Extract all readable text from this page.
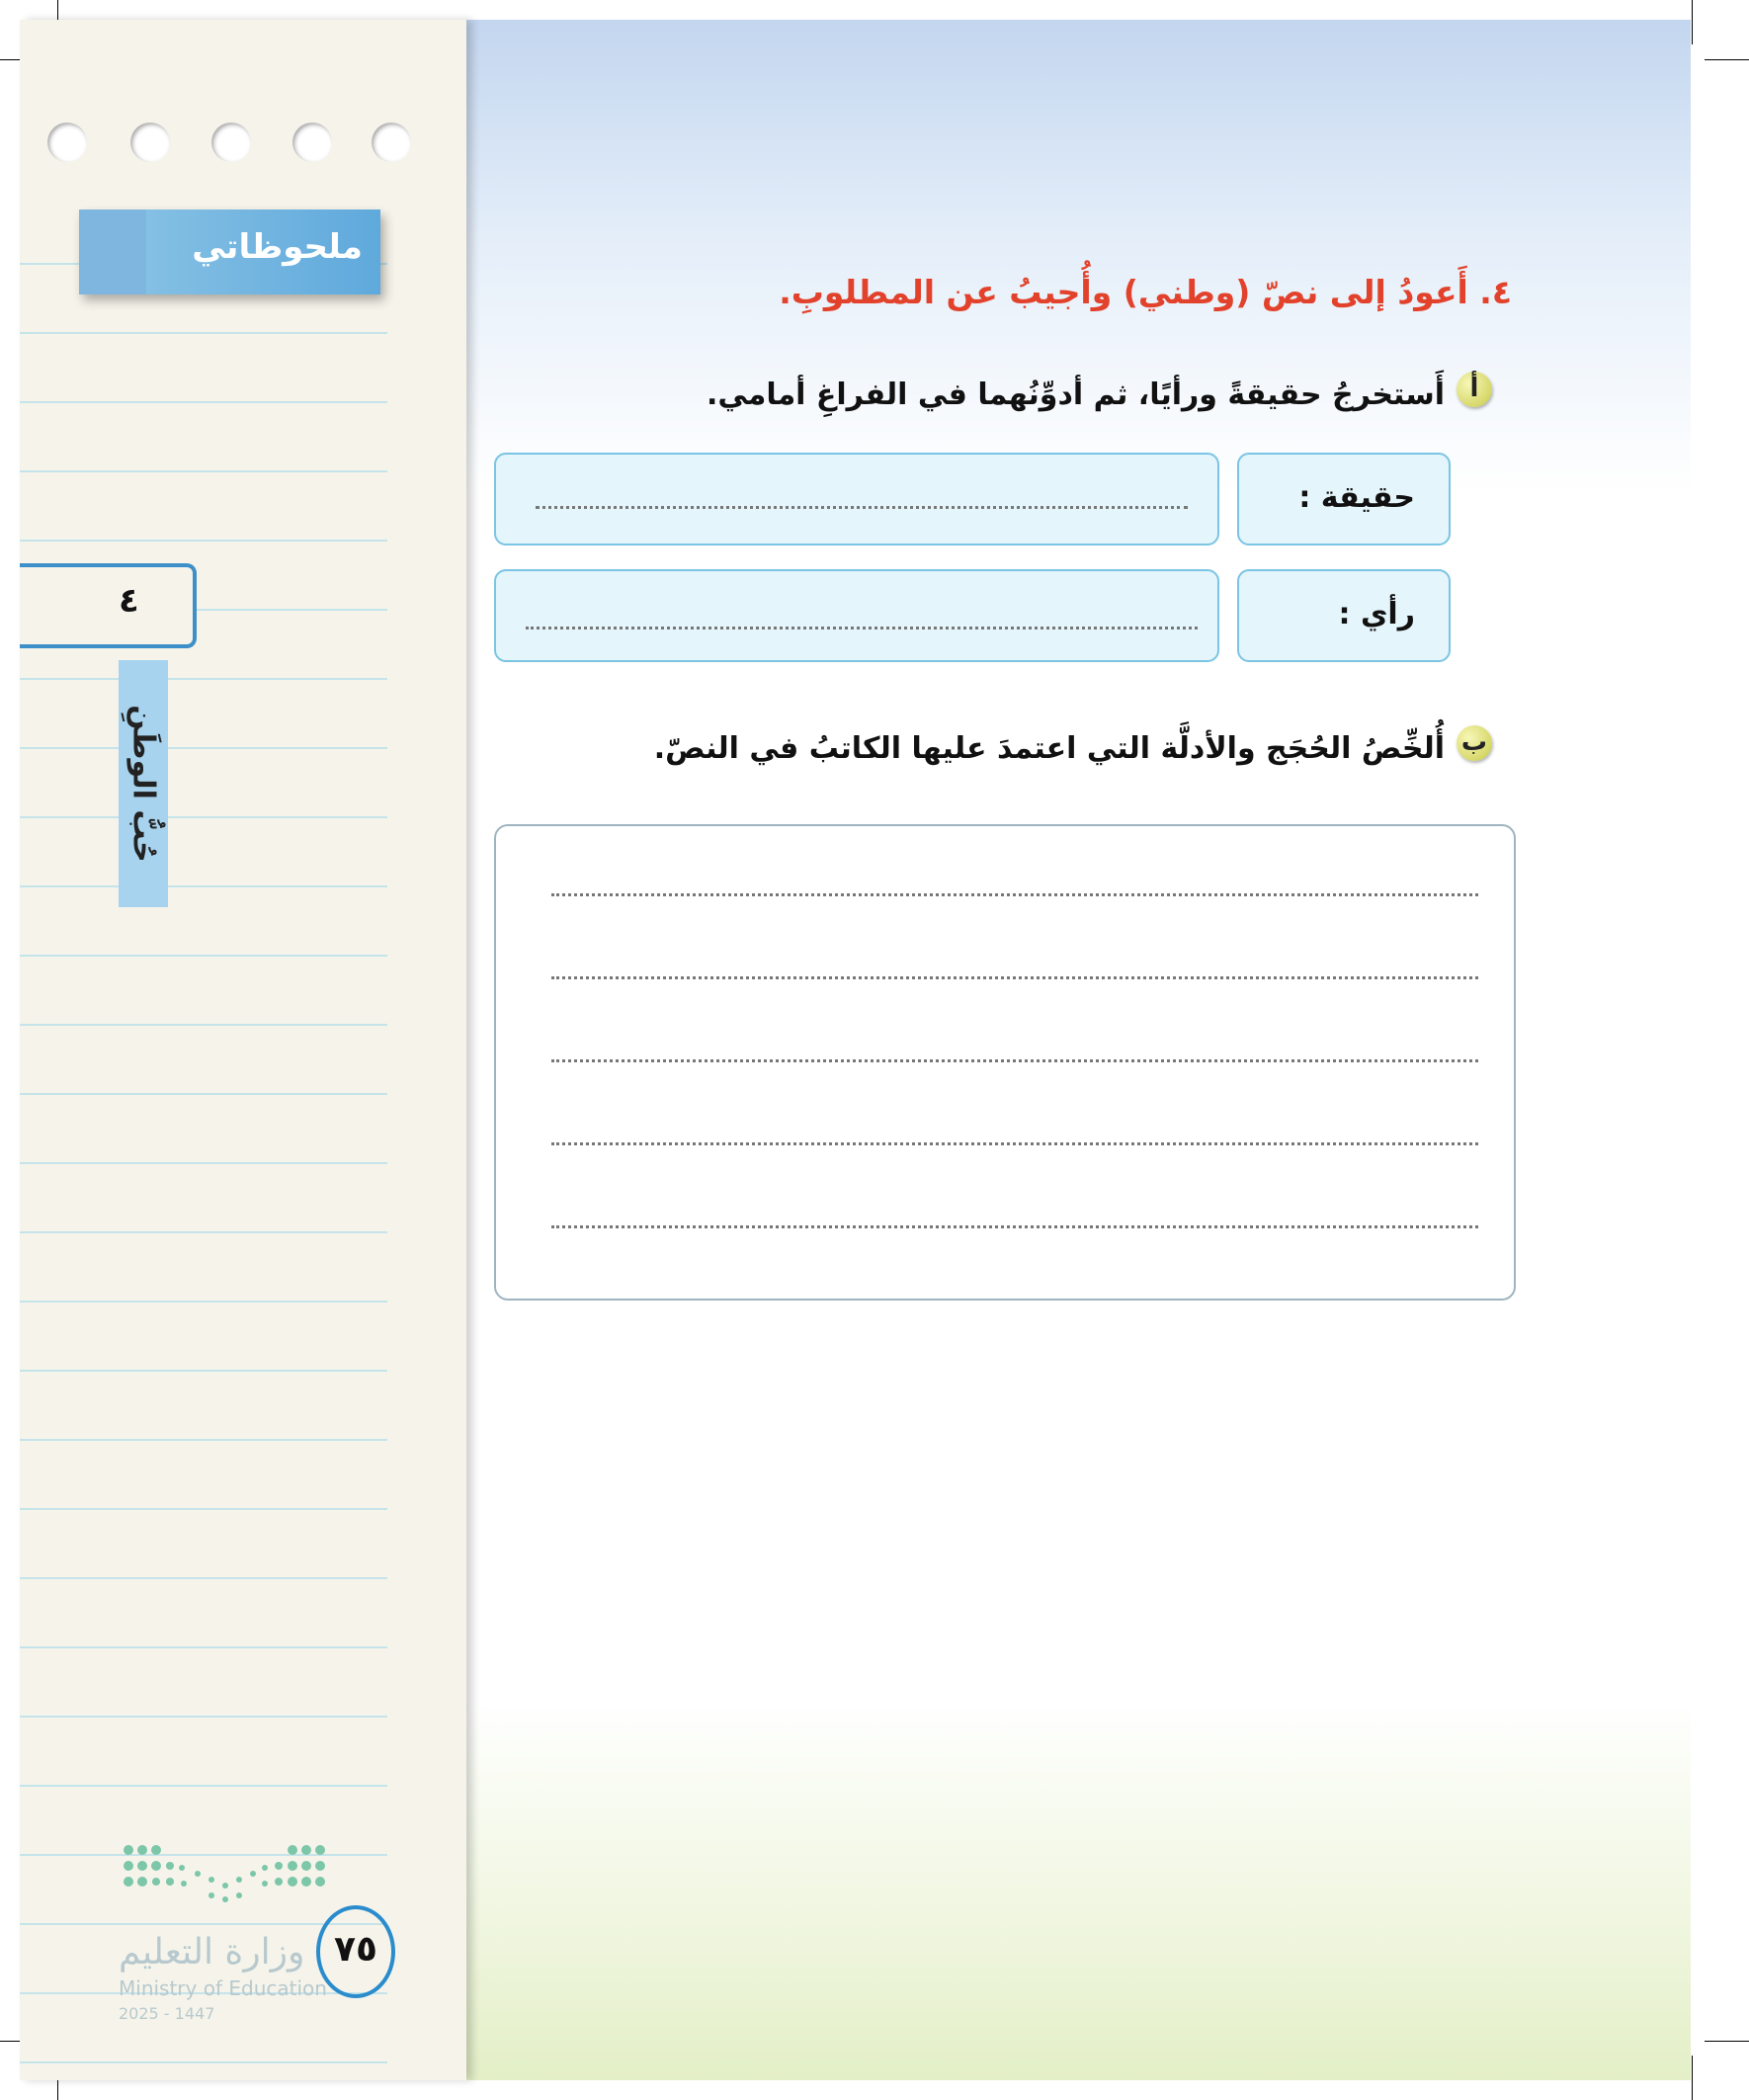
ملحوظاتي
٤
حُبُّ الوطَنِ
وزارة التعليم
Ministry of Education
2025 - 1447
٧٥
٤. أَعودُ إلى نصّ (وطني) وأُجيبُ عن المطلوبِ.
أ
أَستخرجُ حقيقةً ورأيًا، ثم أدوِّنُهما في الفراغِ أمامي.
حقيقة :
رأي :
ب
أُلخِّصُ الحُجَج والأدلَّة التي اعتمدَ عليها الكاتبُ في النصّ.
